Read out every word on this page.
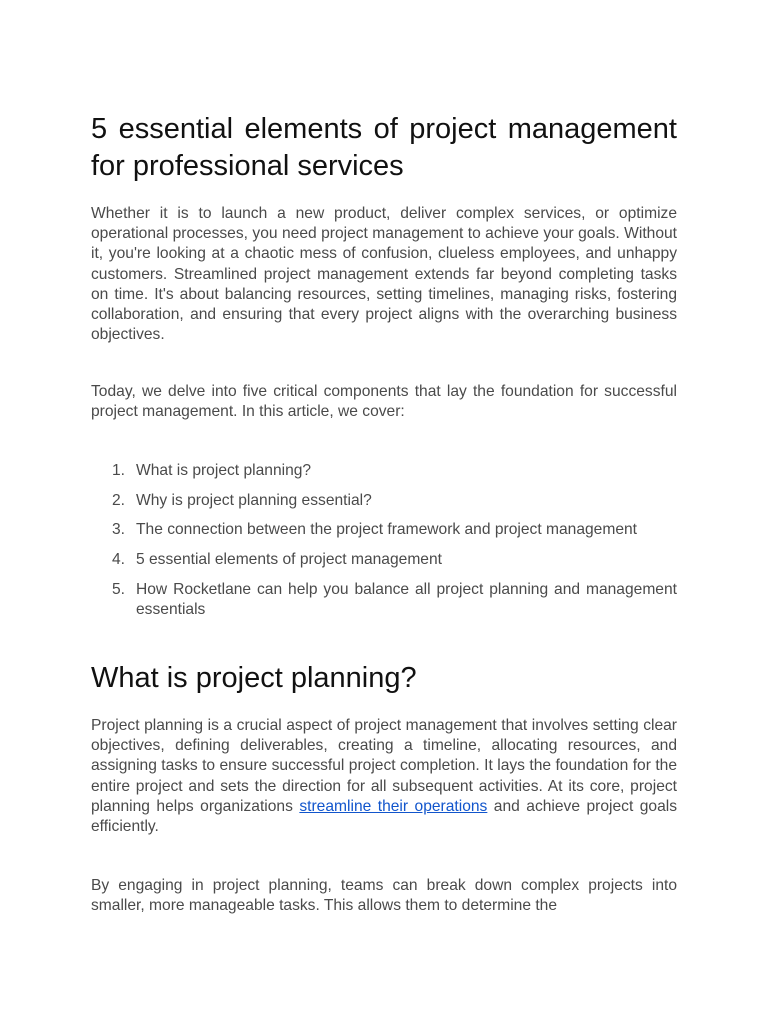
5 essential elements of project management for professional services

Whether it is to launch a new product, deliver complex services, or optimize operational processes, you need project management to achieve your goals. Without it, you're looking at a chaotic mess of confusion, clueless employees, and unhappy customers. Streamlined project management extends far beyond completing tasks on time. It's about balancing resources, setting timelines, managing risks, fostering collaboration, and ensuring that every project aligns with the overarching business objectives.

Today, we delve into five critical components that lay the foundation for successful project management. In this article, we cover:

1. What is project planning?
2. Why is project planning essential?
3. The connection between the project framework and project management
4. 5 essential elements of project management
5. How Rocketlane can help you balance all project planning and management essentials
What is project planning?

Project planning is a crucial aspect of project management that involves setting clear objectives, defining deliverables, creating a timeline, allocating resources, and assigning tasks to ensure successful project completion. It lays the foundation for the entire project and sets the direction for all subsequent activities. At its core, project planning helps organizations streamline their operations and achieve project goals efficiently.

By engaging in project planning, teams can break down complex projects into smaller, more manageable tasks. This allows them to determine the
